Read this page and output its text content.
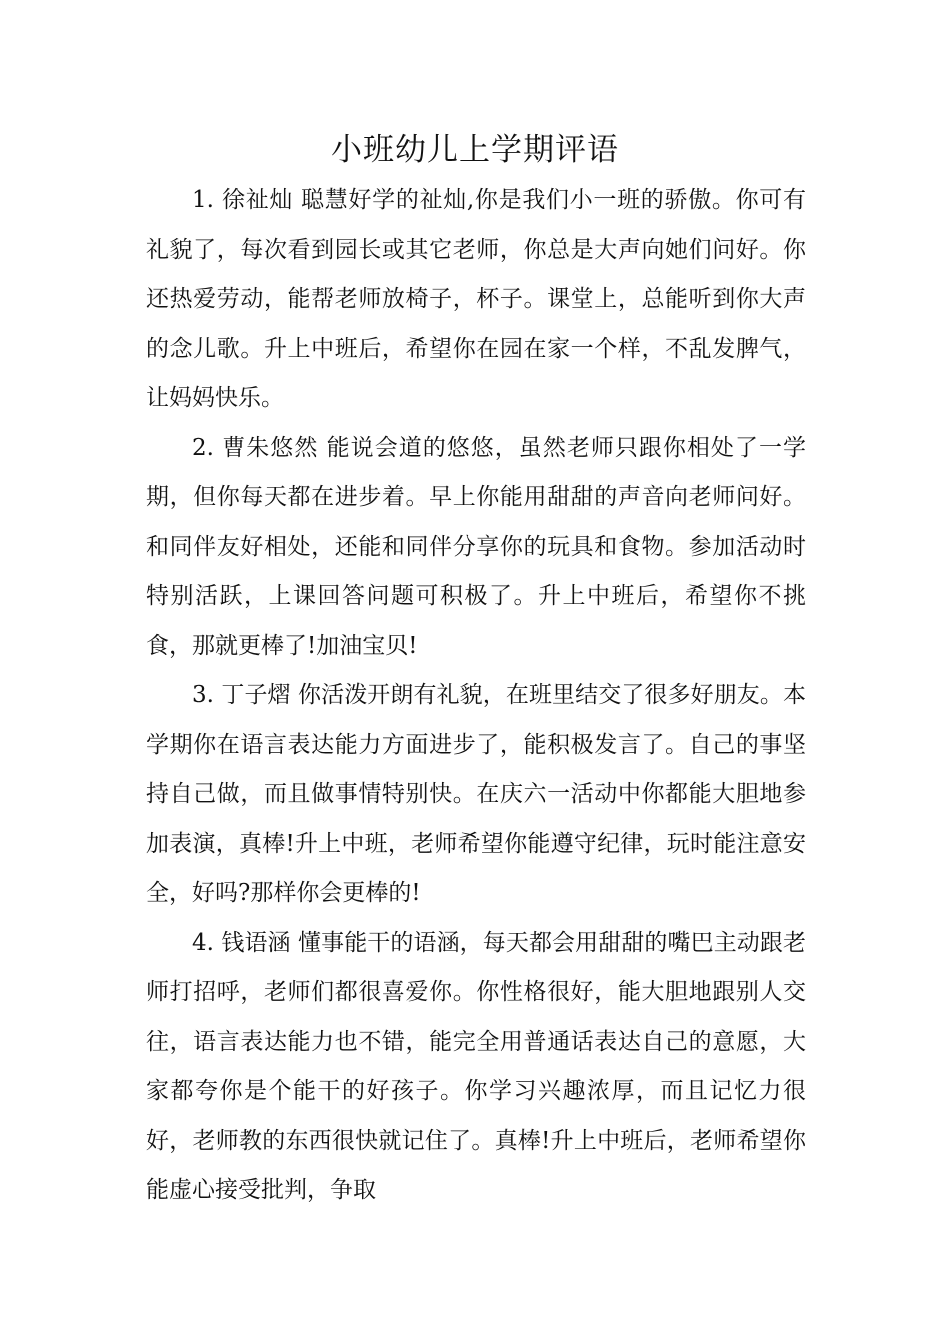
小班幼儿上学期评语

1. 徐祉灿 聪慧好学的祉灿,你是我们小一班的骄傲。你可有礼貌了，每次看到园长或其它老师，你总是大声向她们问好。你还热爱劳动，能帮老师放椅子，杯子。课堂上，总能听到你大声的念儿歌。升上中班后，希望你在园在家一个样，不乱发脾气，让妈妈快乐。

2. 曹朱悠然 能说会道的悠悠，虽然老师只跟你相处了一学期，但你每天都在进步着。早上你能用甜甜的声音向老师问好。和同伴友好相处，还能和同伴分享你的玩具和食物。参加活动时特别活跃，上课回答问题可积极了。升上中班后，希望你不挑食，那就更棒了!加油宝贝!

3. 丁子熠 你活泼开朗有礼貌，在班里结交了很多好朋友。本学期你在语言表达能力方面进步了，能积极发言了。自己的事坚持自己做，而且做事情特别快。在庆六一活动中你都能大胆地参加表演，真棒!升上中班，老师希望你能遵守纪律，玩时能注意安全，好吗?那样你会更棒的!

4. 钱语涵 懂事能干的语涵，每天都会用甜甜的嘴巴主动跟老师打招呼，老师们都很喜爱你。你性格很好，能大胆地跟别人交往，语言表达能力也不错，能完全用普通话表达自己的意愿，大家都夸你是个能干的好孩子。你学习兴趣浓厚，而且记忆力很好，老师教的东西很快就记住了。真棒!升上中班后，老师希望你能虚心接受批判，争取
